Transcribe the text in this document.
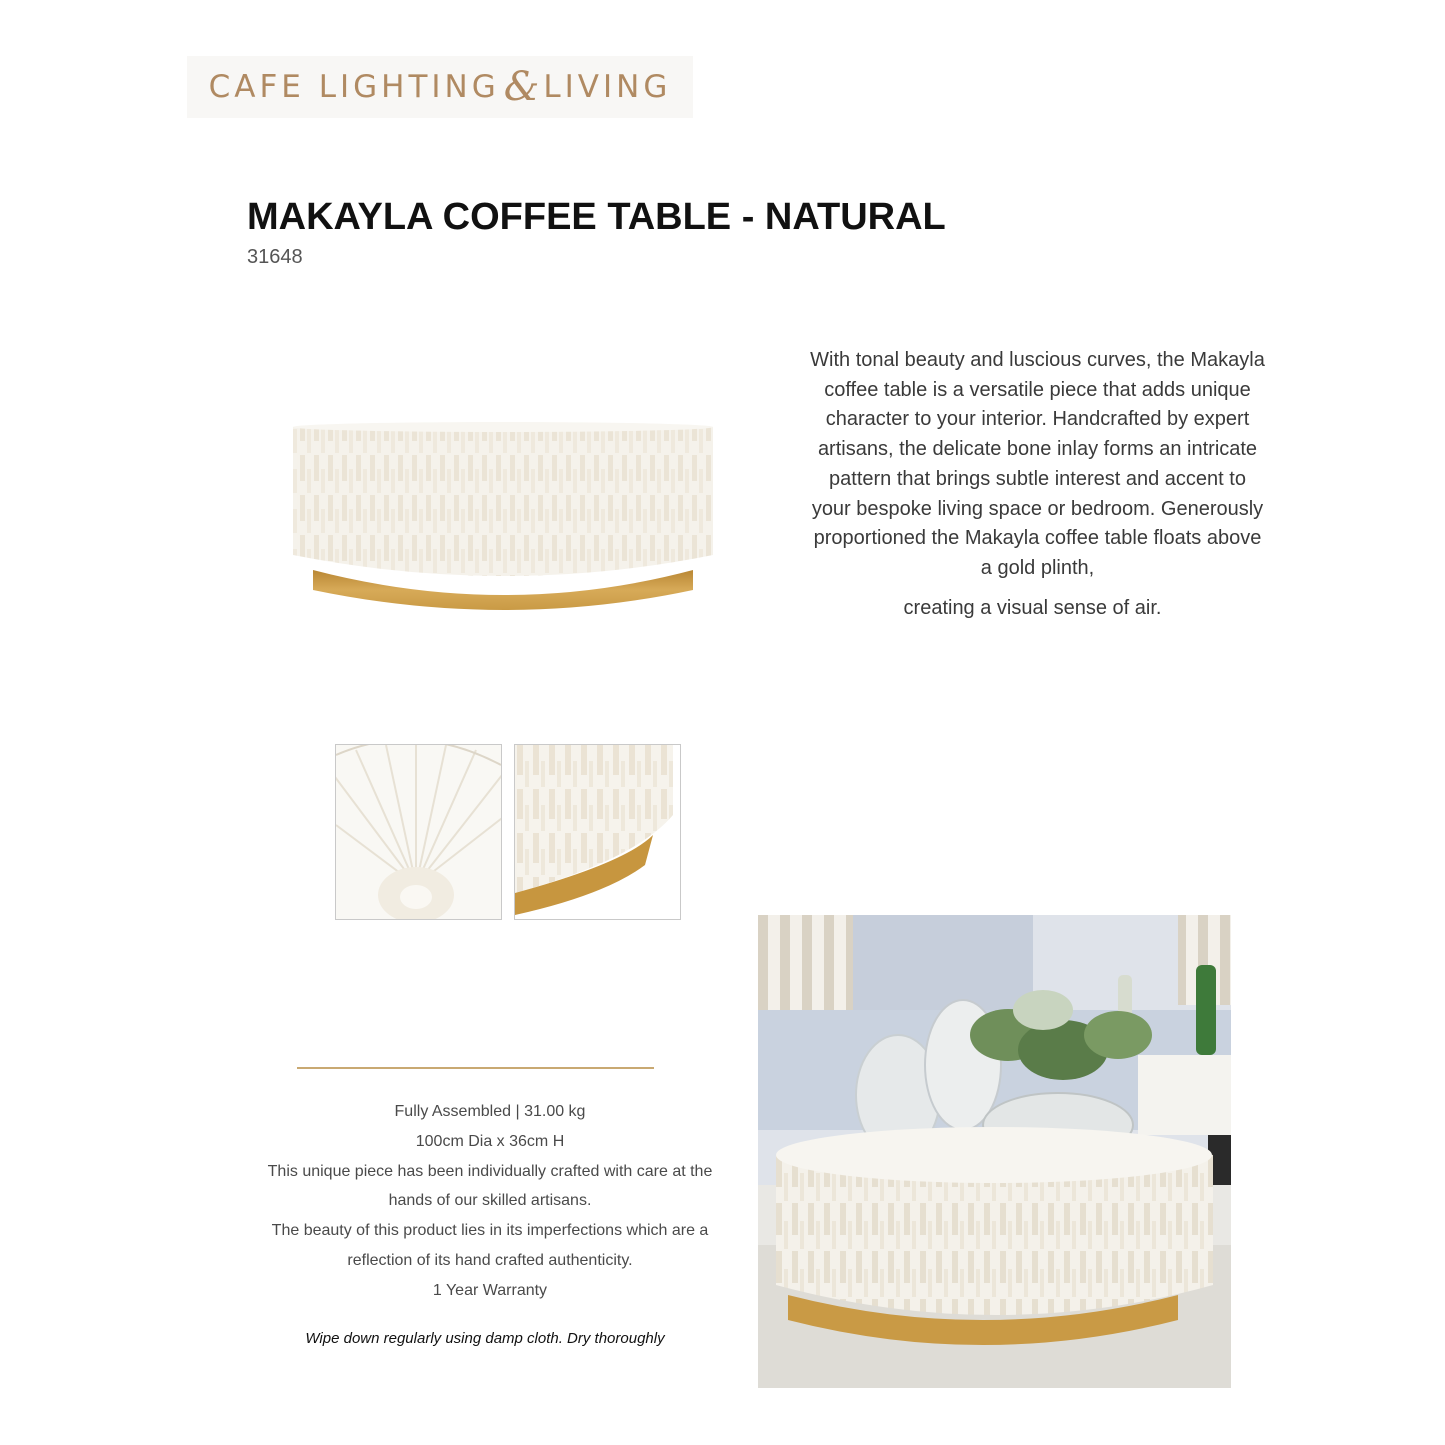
CAFE LIGHTING & LIVING
MAKAYLA COFFEE TABLE - NATURAL
31648
With tonal beauty and luscious curves, the Makayla coffee table is a versatile piece that adds unique character to your interior. Handcrafted by expert artisans, the delicate bone inlay forms an intricate pattern that brings subtle interest and accent to your bespoke living space or bedroom. Generously proportioned the Makayla coffee table floats above a gold plinth,
creating a visual sense of air.
Fully Assembled | 31.00 kg
100cm Dia x 36cm H
This unique piece has been individually crafted with care at the hands of our skilled artisans.
The beauty of this product lies in its imperfections which are a reflection of its hand crafted authenticity.
1 Year Warranty
Wipe down regularly using damp cloth. Dry thoroughly
